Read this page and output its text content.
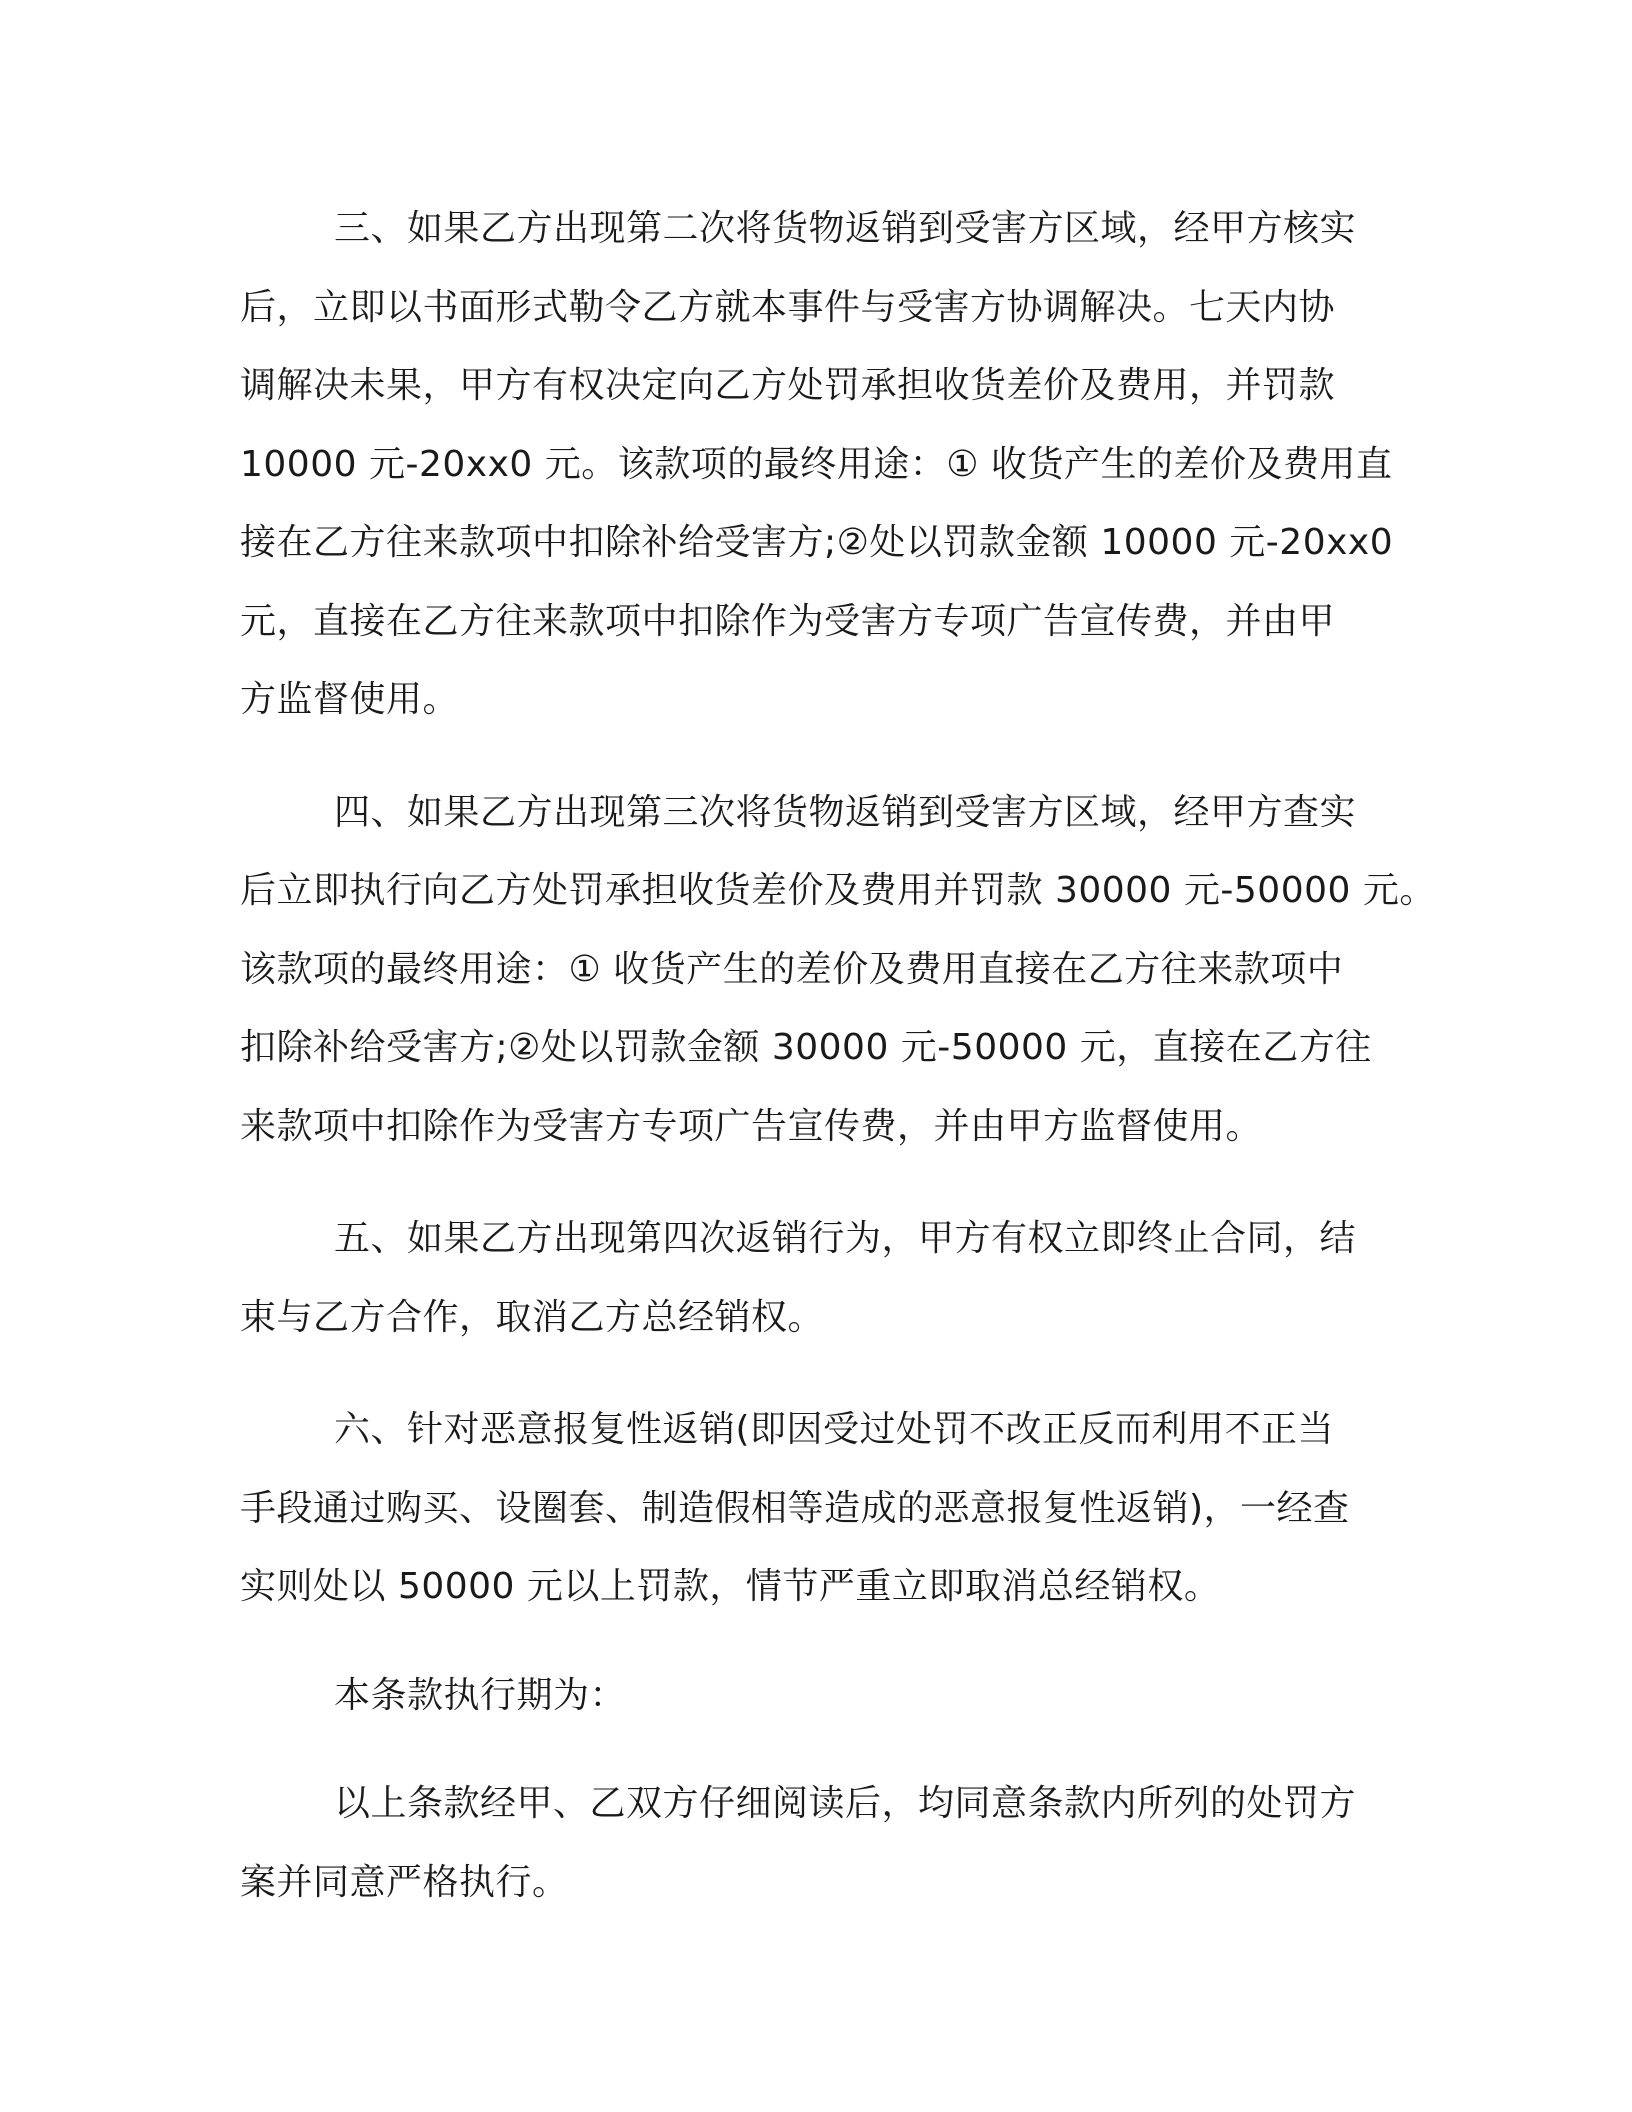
三、如果乙方出现第二次将货物返销到受害方区域，经甲方核实
后，立即以书面形式勒令乙方就本事件与受害方协调解决。七天内协
调解决未果，甲方有权决定向乙方处罚承担收货差价及费用，并罚款
10000 元-20xx0 元。该款项的最终用途：① 收货产生的差价及费用直
接在乙方往来款项中扣除补给受害方;②处以罚款金额 10000 元-20xx0
元，直接在乙方往来款项中扣除作为受害方专项广告宣传费，并由甲
方监督使用。

四、如果乙方出现第三次将货物返销到受害方区域，经甲方查实
后立即执行向乙方处罚承担收货差价及费用并罚款 30000 元-50000 元。
该款项的最终用途：① 收货产生的差价及费用直接在乙方往来款项中
扣除补给受害方;②处以罚款金额 30000 元-50000 元，直接在乙方往
来款项中扣除作为受害方专项广告宣传费，并由甲方监督使用。

五、如果乙方出现第四次返销行为，甲方有权立即终止合同，结
束与乙方合作，取消乙方总经销权。

六、针对恶意报复性返销(即因受过处罚不改正反而利用不正当
手段通过购买、设圈套、制造假相等造成的恶意报复性返销)，一经查
实则处以 50000 元以上罚款，情节严重立即取消总经销权。

本条款执行期为：

以上条款经甲、乙双方仔细阅读后，均同意条款内所列的处罚方
案并同意严格执行。
